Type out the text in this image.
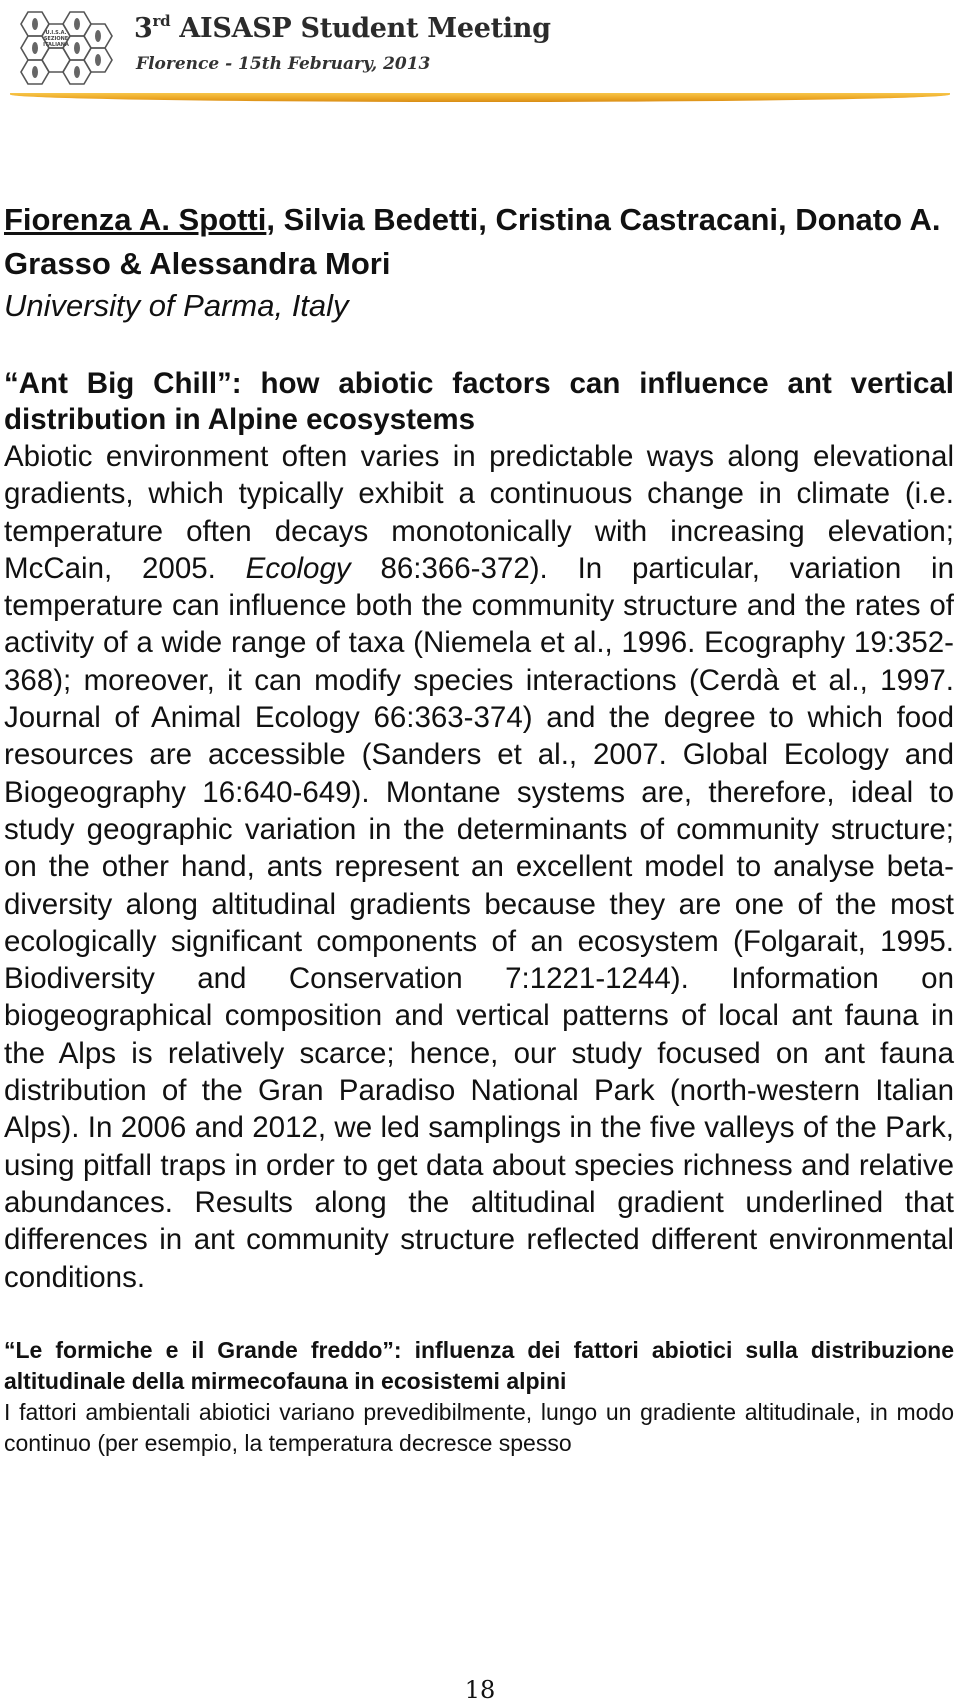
U.I.S.A.
SEZIONE
ITALIANA
3rd AISASP Student Meeting
Florence - 15th February, 2013
Fiorenza A. Spotti, Silvia Bedetti, Cristina Castracani, Donato A. Grasso & Alessandra Mori
University of Parma, Italy
“Ant Big Chill”: how abiotic factors can influence ant vertical distribution in Alpine ecosystems
Abiotic environment often varies in predictable ways along elevational gradients, which typically exhibit a continuous change in climate (i.e. temperature often decays monotonically with increasing elevation; McCain, 2005. Ecology 86:366-372). In particular, variation in temperature can influence both the community structure and the rates of activity of a wide range of taxa (Niemela et al., 1996. Ecography 19:352-368); moreover, it can modify species interactions (Cerdà et al., 1997. Journal of Animal Ecology 66:363-374) and the degree to which food resources are accessible (Sanders et al., 2007. Global Ecology and Biogeography 16:640-649). Montane systems are, therefore, ideal to study geographic variation in the determinants of community structure; on the other hand, ants represent an excellent model to analyse beta-diversity along altitudinal gradients because they are one of the most ecologically significant components of an ecosystem (Folgarait, 1995. Biodiversity and Conservation 7:1221-1244). Information on biogeographical composition and vertical patterns of local ant fauna in the Alps is relatively scarce; hence, our study focused on ant fauna distribution of the Gran Paradiso National Park (north-western Italian Alps). In 2006 and 2012, we led samplings in the five valleys of the Park, using pitfall traps in order to get data about species richness and relative abundances. Results along the altitudinal gradient underlined that differences in ant community structure reflected different environmental conditions.
“Le formiche e il Grande freddo”: influenza dei fattori abiotici sulla distribuzione altitudinale della mirmecofauna in ecosistemi alpini
I fattori ambientali abiotici variano prevedibilmente, lungo un gradiente altitudinale, in modo continuo (per esempio, la temperatura decresce spesso
18
